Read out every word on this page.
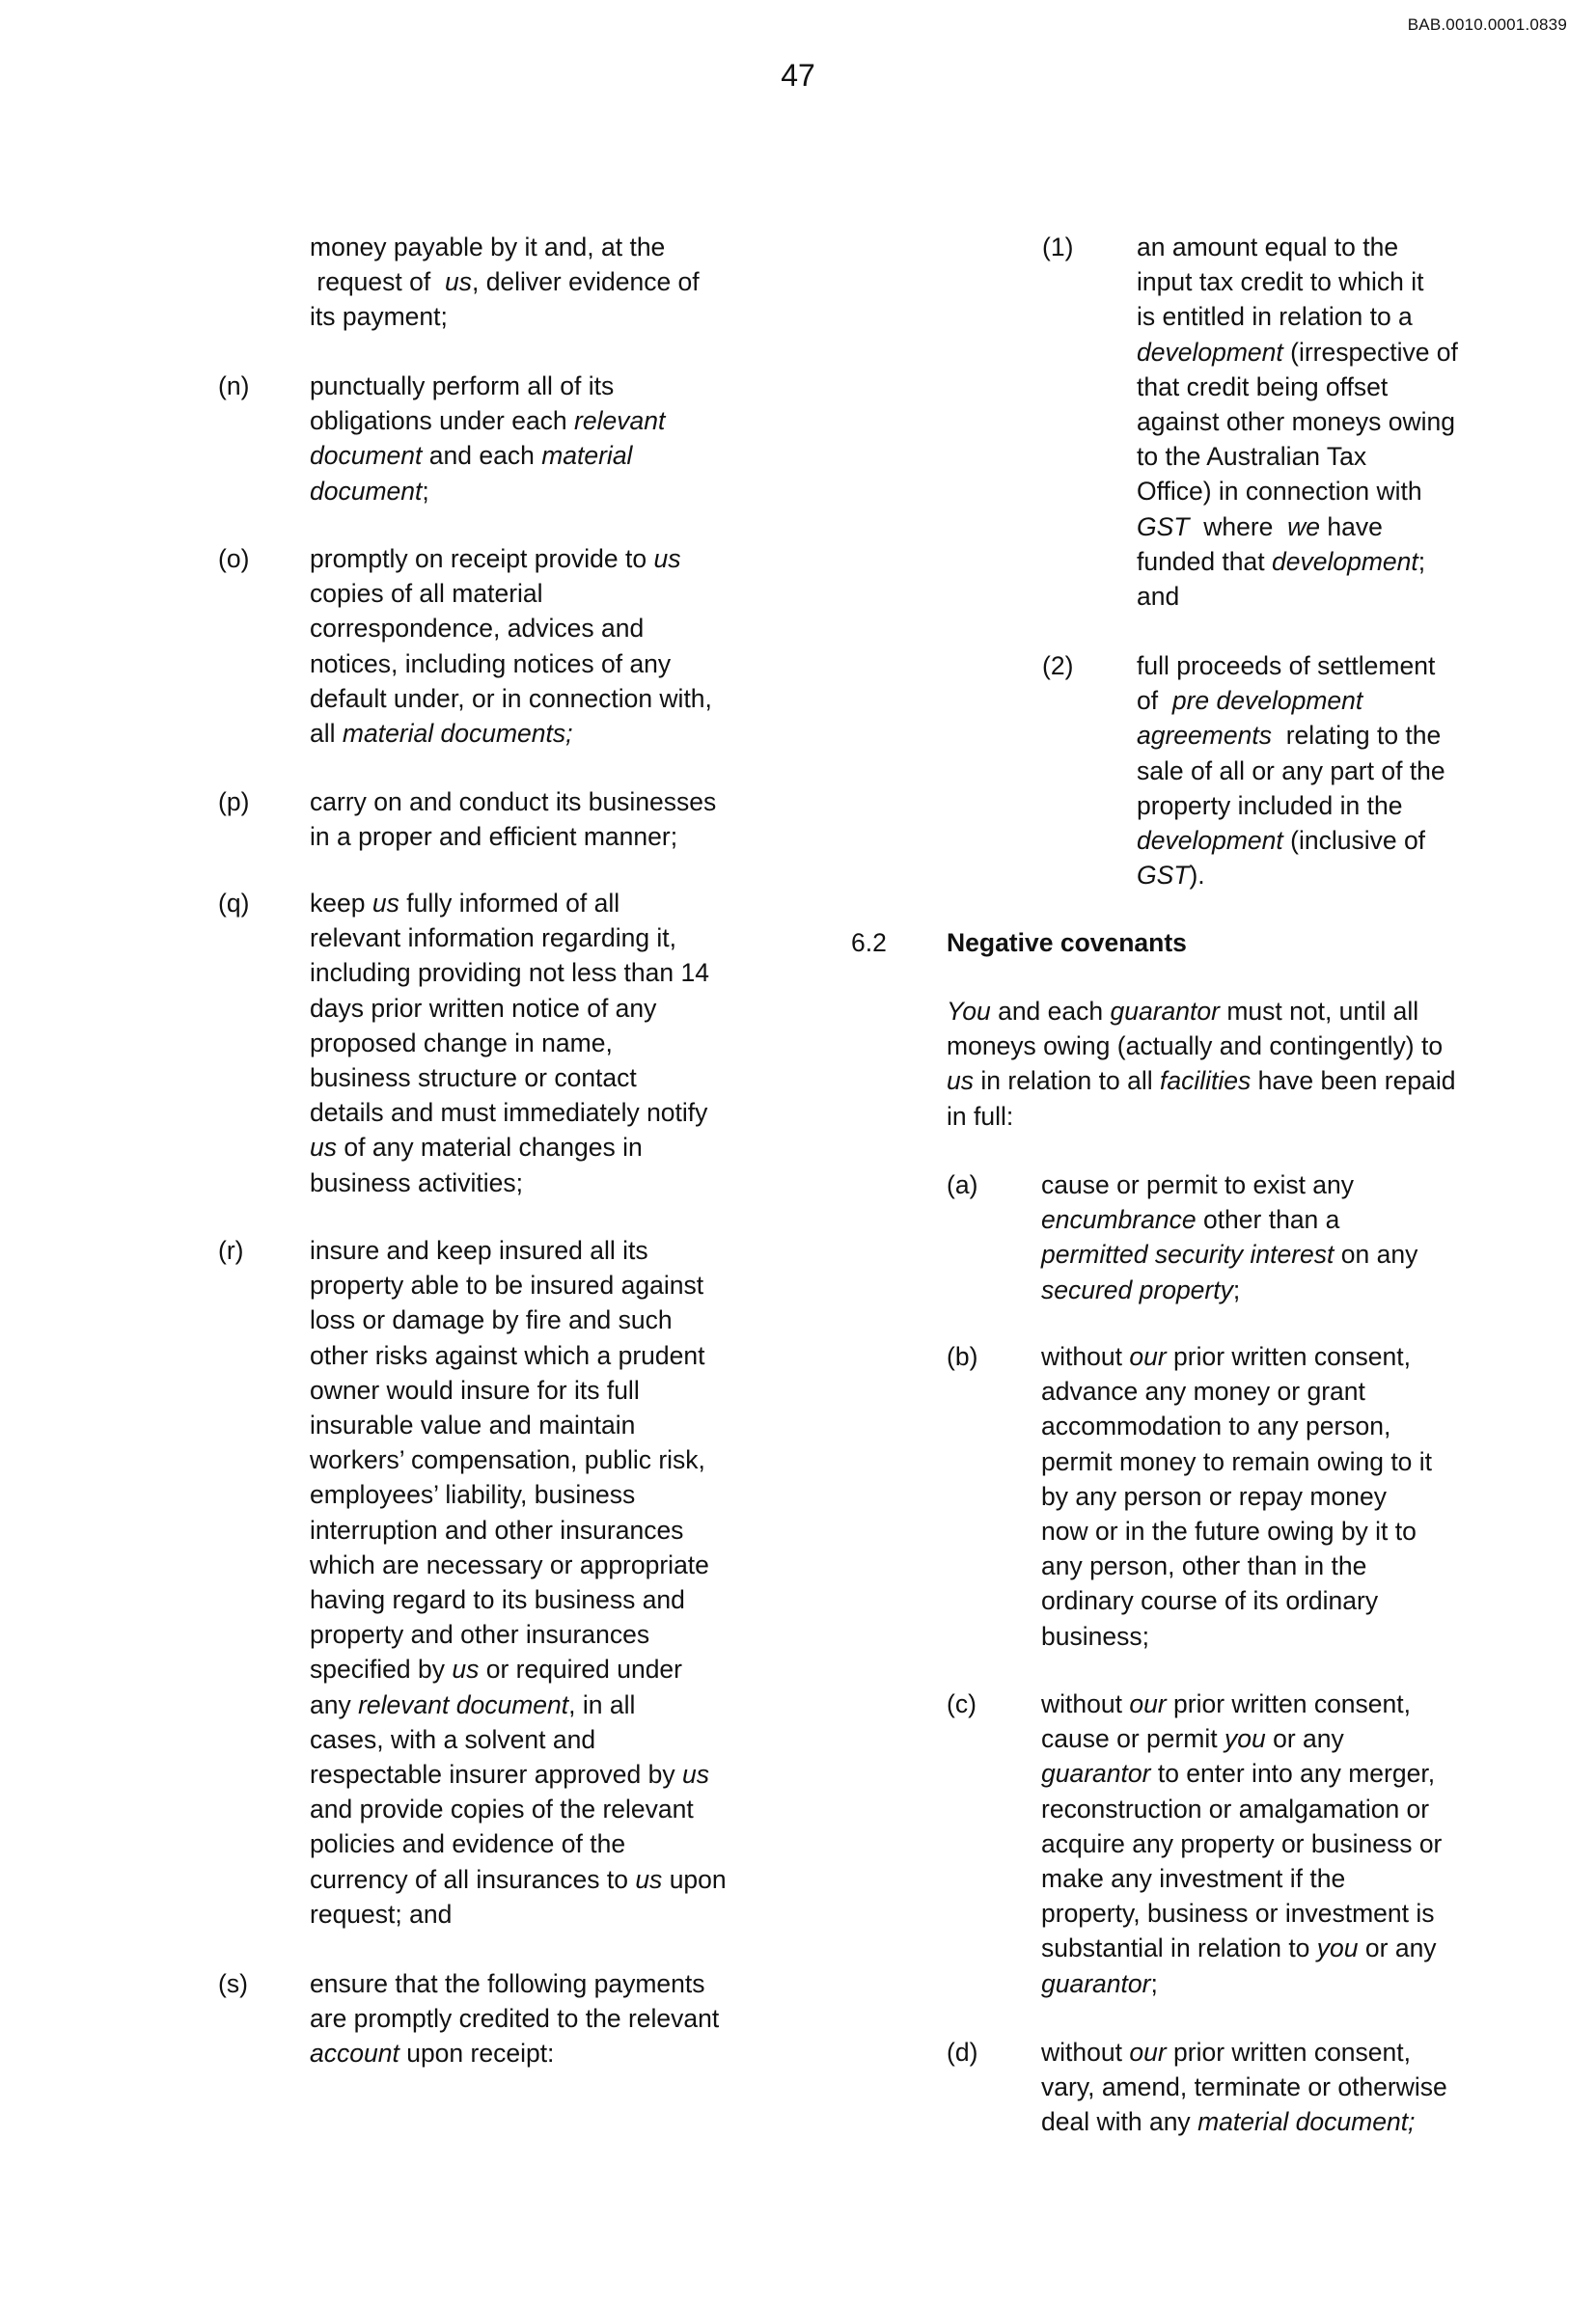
BAB.0010.0001.0839
47
money payable by it and, at the
request of us, deliver evidence of
its payment;
(n) punctually perform all of its
obligations under each relevant
document and each material
document;
(o) promptly on receipt provide to us
copies of all material
correspondence, advices and
notices, including notices of any
default under, or in connection with,
all material documents;
(p) carry on and conduct its businesses
in a proper and efficient manner;
(q) keep us fully informed of all
relevant information regarding it,
including providing not less than 14
days prior written notice of any
proposed change in name,
business structure or contact
details and must immediately notify
us of any material changes in
business activities;
(r)	insure and keep insured all its
property able to be insured against
loss or damage by fire and such
other risks against which a prudent
owner would insure for its full
insurable value and maintain
workers’ compensation, public risk,
employees’ liability, business
interruption and other insurances
which are necessary or appropriate
having regard to its business and
property and other insurances
specified by us or required under
any relevant document, in all
cases, with a solvent and
respectable insurer approved by us
and provide copies of the relevant
policies and evidence of the
currency of all insurances to us upon
request; and
(s) ensure that the following payments
are promptly credited to the relevant
account upon receipt:
(1) an amount equal to the
input tax credit to which it
is entitled in relation to a
development (irrespective of
that credit being offset
against other moneys owing
to the Australian Tax
Office) in connection with
GST where we have
funded that development;
and
(2) full proceeds of settlement
of pre development
agreements relating to the
sale of all or any part of the
property included in the
development (inclusive of
GST).
6.2 Negative covenants
You and each guarantor must not, until all
moneys owing (actually and contingently) to
us in relation to all facilities have been repaid
in full:
(a) cause or permit to exist any
encumbrance other than a
permitted security interest on any
secured property;
(b) without our prior written consent,
advance any money or grant
accommodation to any person,
permit money to remain owing to it
by any person or repay money
now or in the future owing by it to
any person, other than in the
ordinary course of its ordinary
business;
(c)	without our prior written consent,
cause or permit you or any
guarantor to enter into any merger,
reconstruction or amalgamation or
acquire any property or business or
make any investment if the
property, business or investment is
substantial in relation to you or any
guarantor;
(d) without our prior written consent,
vary, amend, terminate or otherwise
deal with any material document;
